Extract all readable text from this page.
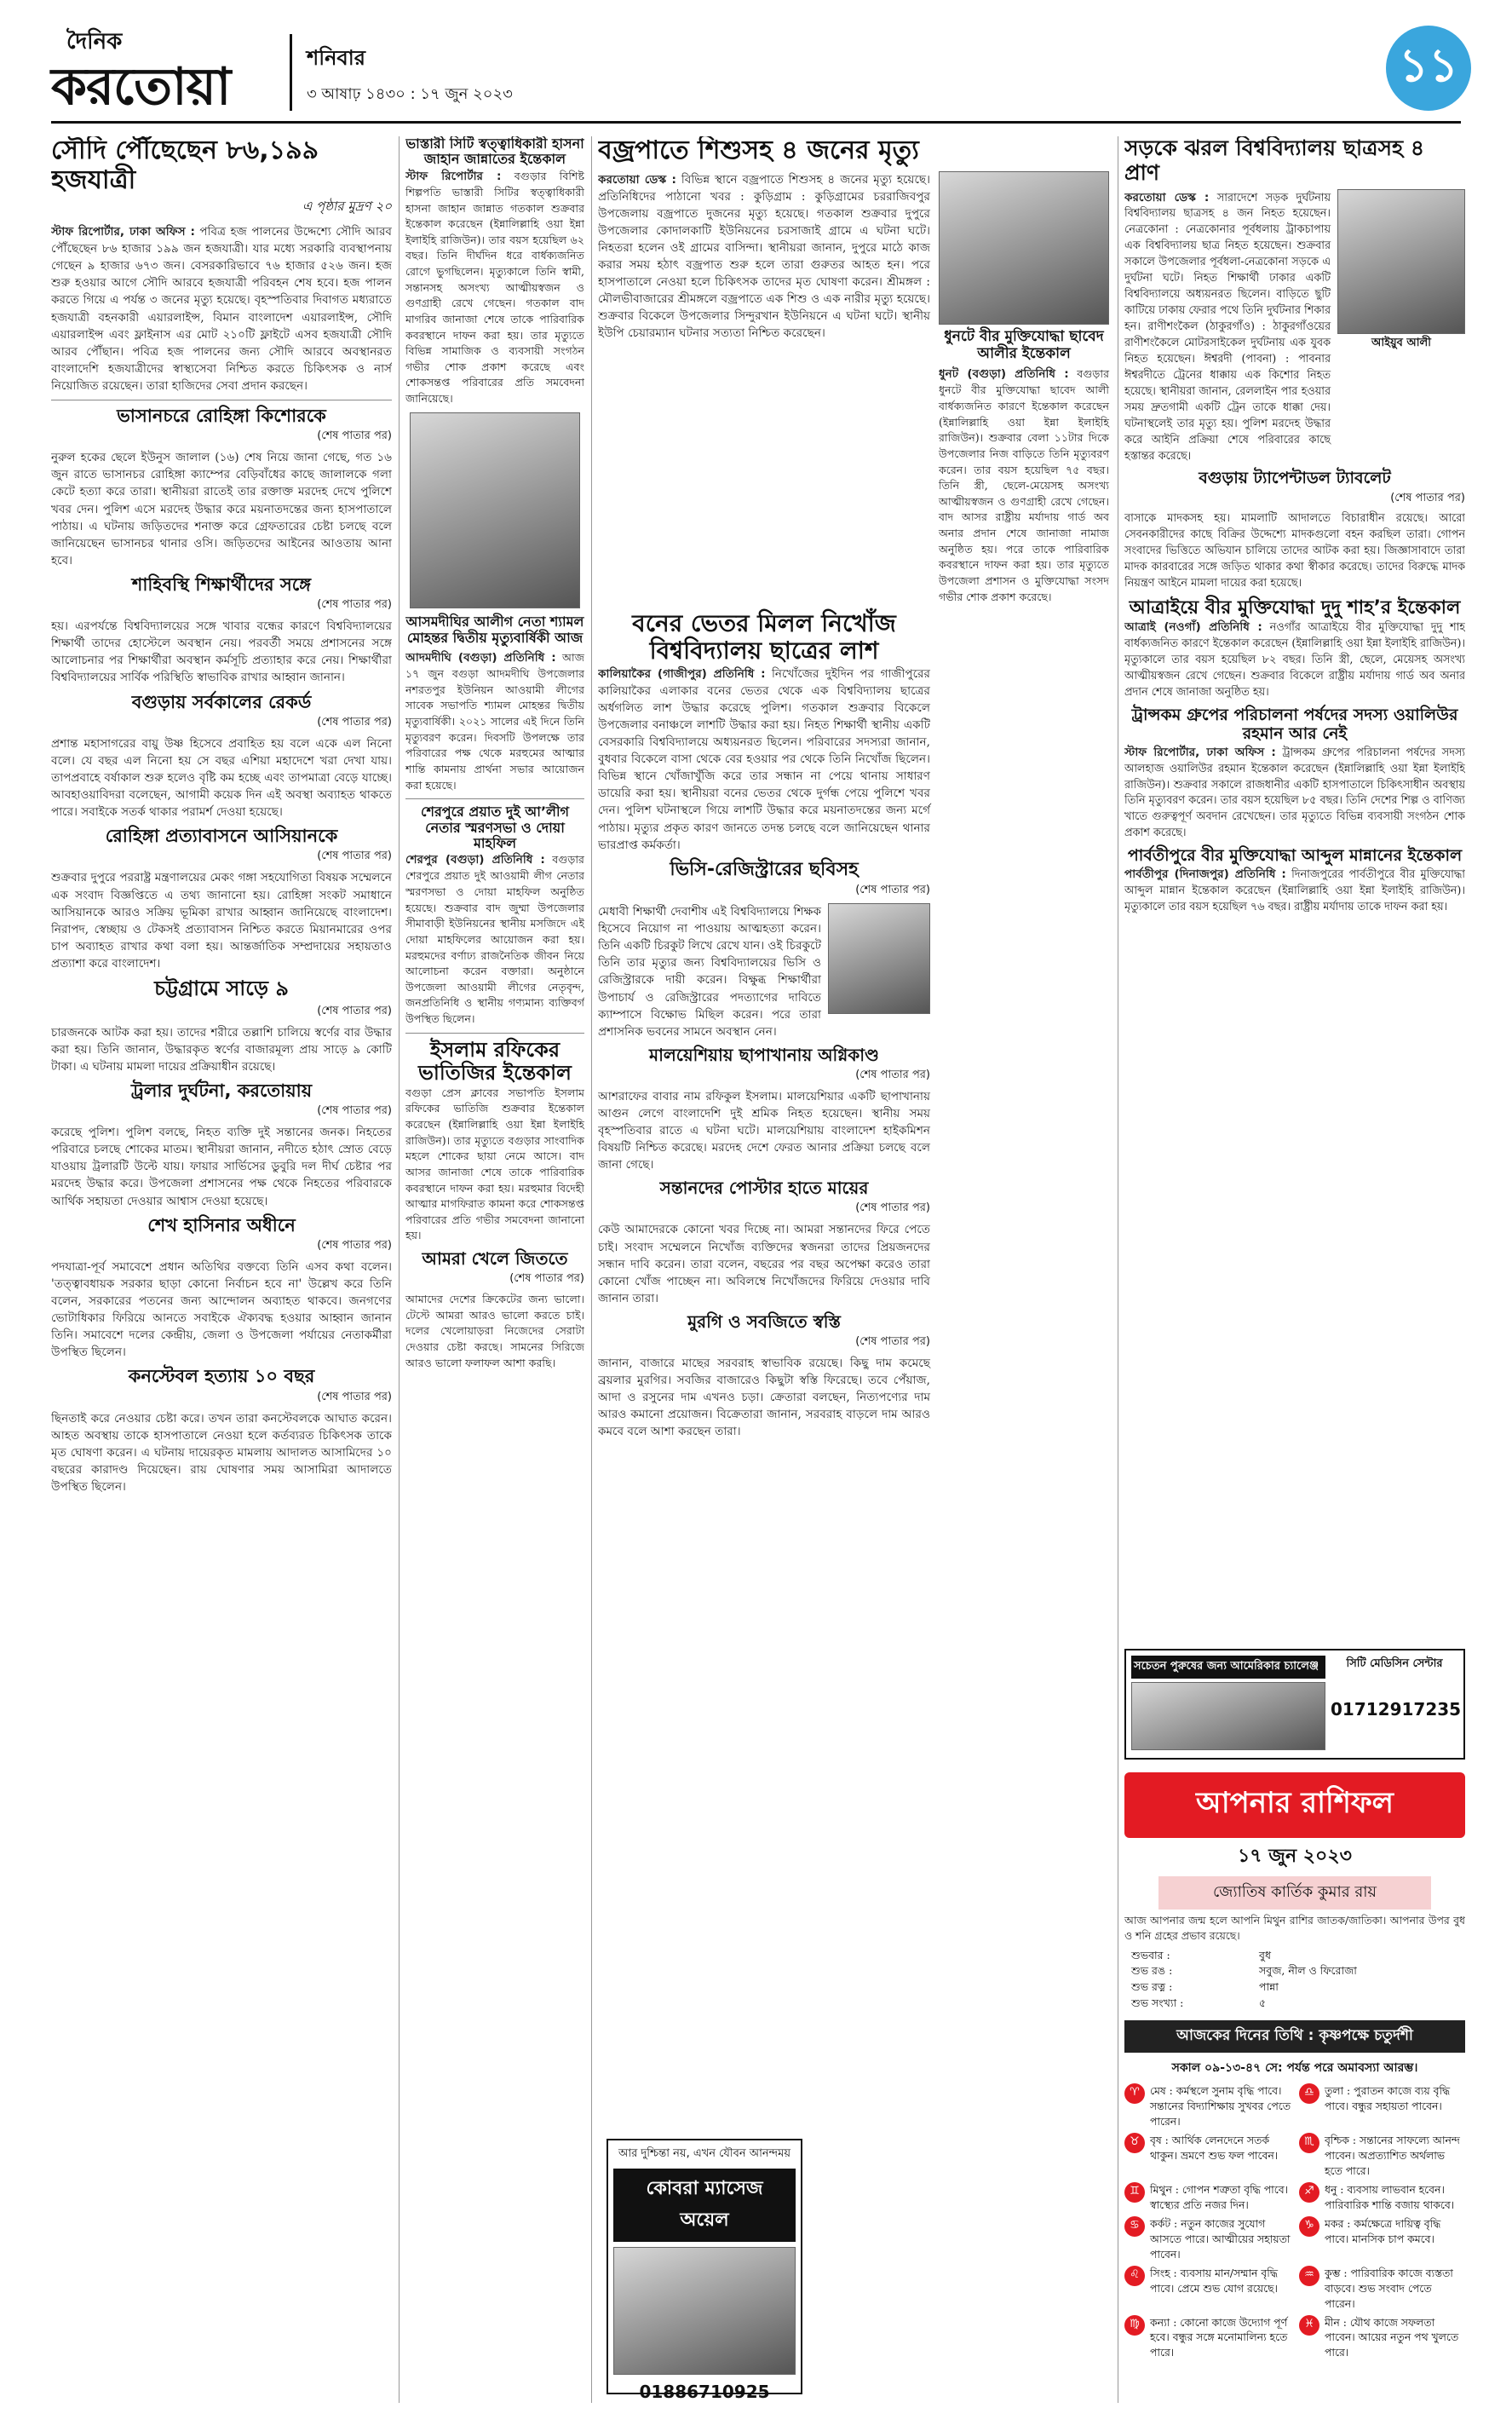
দৈনিক
করতোয়া	শনিবার
৩ আষাঢ় ১৪৩০ : ১৭ জুন ২০২৩
১১
সৌদি পৌঁছেছেন ৮৬,১৯৯ হজযাত্রী
এ পৃষ্ঠার মুদ্রণ ২০
স্টাফ রিপোর্টার, ঢাকা অফিস : পবিত্র হজ পালনের উদ্দেশ্যে সৌদি আরব পৌঁছেছেন ৮৬ হাজার ১৯৯ জন হজযাত্রী। যার মধ্যে সরকারি ব্যবস্থাপনায় গেছেন ৯ হাজার ৬৭৩ জন। বেসরকারিভাবে ৭৬ হাজার ৫২৬ জন। হজ শুরু হওয়ার আগে সৌদি আরবে হজযাত্রী পরিবহন শেষ হবে। হজ পালন করতে গিয়ে এ পর্যন্ত ৩ জনের মৃত্যু হয়েছে। বৃহস্পতিবার দিবাগত মধ্যরাতে হজযাত্রী বহনকারী এয়ারলাইন্স, বিমান বাংলাদেশ এয়ারলাইন্স, সৌদি এয়ারলাইন্স এবং ফ্লাইনাস এর মোট ২১০টি ফ্লাইটে এসব হজযাত্রী সৌদি আরব পৌঁছান। পবিত্র হজ পালনের জন্য সৌদি আরবে অবস্থানরত বাংলাদেশি হজযাত্রীদের স্বাস্থ্যসেবা নিশ্চিত করতে চিকিৎসক ও নার্স নিয়োজিত রয়েছেন। তারা হাজিদের সেবা প্রদান করছেন।
ভাসানচরে রোহিঙ্গা কিশোরকে
(শেষ পাতার পর)
নুরুল হকের ছেলে ইউনুস জালাল (১৬) শেষ নিয়ে জানা গেছে, গত ১৬ জুন রাতে ভাসানচর রোহিঙ্গা ক্যাম্পের বেড়িবাঁধের কাছে জালালকে গলা কেটে হত্যা করে তারা। স্থানীয়রা রাতেই তার রক্তাক্ত মরদেহ দেখে পুলিশে খবর দেন। পুলিশ এসে মরদেহ উদ্ধার করে ময়নাতদন্তের জন্য হাসপাতালে পাঠায়। এ ঘটনায় জড়িতদের শনাক্ত করে গ্রেফতারের চেষ্টা চলছে বলে জানিয়েছেন ভাসানচর থানার ওসি। জড়িতদের আইনের আওতায় আনা হবে।
শাহিবস্থি শিক্ষার্থীদের সঙ্গে
(শেষ পাতার পর)
হয়। এরপর্যন্তে বিশ্ববিদ্যালয়ের সঙ্গে খাবার বন্ধের কারণে বিশ্ববিদ্যালয়ের শিক্ষার্থী তাদের হোস্টেলে অবস্থান নেয়। পরবর্তী সময়ে প্রশাসনের সঙ্গে আলোচনার পর শিক্ষার্থীরা অবস্থান কর্মসূচি প্রত্যাহার করে নেয়। শিক্ষার্থীরা বিশ্ববিদ্যালয়ের সার্বিক পরিস্থিতি স্বাভাবিক রাখার আহ্বান জানান।
বগুড়ায় সর্বকালের রেকর্ড
(শেষ পাতার পর)
প্রশান্ত মহাসাগরের বায়ু উষ্ণ হিসেবে প্রবাহিত হয় বলে একে এল নিনো বলে। যে বছর এল নিনো হয় সে বছর এশিয়া মহাদেশে খরা দেখা যায়। তাপপ্রবাহে বর্ষাকাল শুরু হলেও বৃষ্টি কম হচ্ছে এবং তাপমাত্রা বেড়ে যাচ্ছে। আবহাওয়াবিদরা বলেছেন, আগামী কয়েক দিন এই অবস্থা অব্যাহত থাকতে পারে। সবাইকে সতর্ক থাকার পরামর্শ দেওয়া হয়েছে।
রোহিঙ্গা প্রত্যাবাসনে আসিয়ানকে
(শেষ পাতার পর)
শুক্রবার দুপুরে পররাষ্ট্র মন্ত্রণালয়ের মেকং গঙ্গা সহযোগিতা বিষয়ক সম্মেলনে এক সংবাদ বিজ্ঞপ্তিতে এ তথ্য জানানো হয়। রোহিঙ্গা সংকট সমাধানে আসিয়ানকে আরও সক্রিয় ভূমিকা রাখার আহ্বান জানিয়েছে বাংলাদেশ। নিরাপদ, স্বেচ্ছায় ও টেকসই প্রত্যাবাসন নিশ্চিত করতে মিয়ানমারের ওপর চাপ অব্যাহত রাখার কথা বলা হয়। আন্তর্জাতিক সম্প্রদায়ের সহায়তাও প্রত্যাশা করে বাংলাদেশ।
চট্টগ্রামে সাড়ে ৯
(শেষ পাতার পর)
চারজনকে আটক করা হয়। তাদের শরীরে তল্লাশি চালিয়ে স্বর্ণের বার উদ্ধার করা হয়। তিনি জানান, উদ্ধারকৃত স্বর্ণের বাজারমূল্য প্রায় সাড়ে ৯ কোটি টাকা। এ ঘটনায় মামলা দায়ের প্রক্রিয়াধীন রয়েছে।
ট্রলার দুর্ঘটনা, করতোয়ায়
(শেষ পাতার পর)
করেছে পুলিশ। পুলিশ বলছে, নিহত ব্যক্তি দুই সন্তানের জনক। নিহতের পরিবারে চলছে শোকের মাতম। স্থানীয়রা জানান, নদীতে হঠাৎ স্রোত বেড়ে যাওয়ায় ট্রলারটি উল্টে যায়। ফায়ার সার্ভিসের ডুবুরি দল দীর্ঘ চেষ্টার পর মরদেহ উদ্ধার করে। উপজেলা প্রশাসনের পক্ষ থেকে নিহতের পরিবারকে আর্থিক সহায়তা দেওয়ার আশ্বাস দেওয়া হয়েছে।
শেখ হাসিনার অধীনে
(শেষ পাতার পর)
পদযাত্রা-পূর্ব সমাবেশে প্রধান অতিথির বক্তব্যে তিনি এসব কথা বলেন। 'তত্ত্বাবধায়ক সরকার ছাড়া কোনো নির্বাচন হবে না' উল্লেখ করে তিনি বলেন, সরকারের পতনের জন্য আন্দোলন অব্যাহত থাকবে। জনগণের ভোটাধিকার ফিরিয়ে আনতে সবাইকে ঐক্যবদ্ধ হওয়ার আহ্বান জানান তিনি। সমাবেশে দলের কেন্দ্রীয়, জেলা ও উপজেলা পর্যায়ের নেতাকর্মীরা উপস্থিত ছিলেন।
কনস্টেবল হত্যায় ১০ বছর
(শেষ পাতার পর)
ছিনতাই করে নেওয়ার চেষ্টা করে। তখন তারা কনস্টেবলকে আঘাত করেন। আহত অবস্থায় তাকে হাসপাতালে নেওয়া হলে কর্তব্যরত চিকিৎসক তাকে মৃত ঘোষণা করেন। এ ঘটনায় দায়েরকৃত মামলায় আদালত আসামিদের ১০ বছরের কারাদণ্ড দিয়েছেন। রায় ঘোষণার সময় আসামিরা আদালতে উপস্থিত ছিলেন।
ভাস্তারী সিটি স্বত্ত্বাধিকারী হাসনা জাহান জান্নাতের ইন্তেকাল
স্টাফ রিপোর্টার : বগুড়ার বিশিষ্ট শিল্পপতি ভাস্তারী সিটির স্বত্ত্বাধিকারী হাসনা জাহান জান্নাত গতকাল শুক্রবার ইন্তেকাল করেছেন (ইন্নালিল্লাহি ওয়া ইন্না ইলাইহি রাজিউন)। তার বয়স হয়েছিল ৬২ বছর। তিনি দীর্ঘদিন ধরে বার্ধক্যজনিত রোগে ভুগছিলেন। মৃত্যুকালে তিনি স্বামী, সন্তানসহ অসংখ্য আত্মীয়স্বজন ও গুণগ্রাহী রেখে গেছেন। গতকাল বাদ মাগরিব জানাজা শেষে তাকে পারিবারিক কবরস্থানে দাফন করা হয়। তার মৃত্যুতে বিভিন্ন সামাজিক ও ব্যবসায়ী সংগঠন গভীর শোক প্রকাশ করেছে এবং শোকসন্তপ্ত পরিবারের প্রতি সমবেদনা জানিয়েছে।
আসমদীঘির আলীগ নেতা শ্যামল মোহন্তর দ্বিতীয় মৃত্যুবার্ষিকী আজ
আদমদীঘি (বগুড়া) প্রতিনিধি : আজ ১৭ জুন বগুড়া আদমদীঘি উপজেলার নশরতপুর ইউনিয়ন আওয়ামী লীগের সাবেক সভাপতি শ্যামল মোহন্তর দ্বিতীয় মৃত্যুবার্ষিকী। ২০২১ সালের এই দিনে তিনি মৃত্যুবরণ করেন। দিবসটি উপলক্ষে তার পরিবারের পক্ষ থেকে মরহুমের আত্মার শান্তি কামনায় প্রার্থনা সভার আয়োজন করা হয়েছে।
শেরপুরে প্রয়াত দুই আ’লীগ নেতার স্মরণসভা ও দোয়া মাহফিল
শেরপুর (বগুড়া) প্রতিনিধি : বগুড়ার শেরপুরে প্রয়াত দুই আওয়ামী লীগ নেতার স্মরণসভা ও দোয়া মাহফিল অনুষ্ঠিত হয়েছে। শুক্রবার বাদ জুম্মা উপজেলার সীমাবাড়ী ইউনিয়নের স্থানীয় মসজিদে এই দোয়া মাহফিলের আয়োজন করা হয়। মরহুমদের বর্ণাঢ্য রাজনৈতিক জীবন নিয়ে আলোচনা করেন বক্তারা। অনুষ্ঠানে উপজেলা আওয়ামী লীগের নেতৃবৃন্দ, জনপ্রতিনিধি ও স্থানীয় গণ্যমান্য ব্যক্তিবর্গ উপস্থিত ছিলেন।
ইসলাম রফিকের ভাতিজির ইন্তেকাল
বগুড়া প্রেস ক্লাবের সভাপতি ইসলাম রফিকের ভাতিজি শুক্রবার ইন্তেকাল করেছেন (ইন্নালিল্লাহি ওয়া ইন্না ইলাইহি রাজিউন)। তার মৃত্যুতে বগুড়ার সাংবাদিক মহলে শোকের ছায়া নেমে আসে। বাদ আসর জানাজা শেষে তাকে পারিবারিক কবরস্থানে দাফন করা হয়। মরহুমার বিদেহী আত্মার মাগফিরাত কামনা করে শোকসন্তপ্ত পরিবারের প্রতি গভীর সমবেদনা জানানো হয়।
আমরা খেলে জিততে
(শেষ পাতার পর)
আমাদের দেশের ক্রিকেটের জন্য ভালো। টেস্টে আমরা আরও ভালো করতে চাই। দলের খেলোয়াড়রা নিজেদের সেরাটা দেওয়ার চেষ্টা করছে। সামনের সিরিজে আরও ভালো ফলাফল আশা করছি।
বজ্রপাতে শিশুসহ ৪ জনের মৃত্যু
করতোয়া ডেস্ক : বিভিন্ন স্থানে বজ্রপাতে শিশুসহ ৪ জনের মৃত্যু হয়েছে। প্রতিনিধিদের পাঠানো খবর : কুড়িগ্রাম : কুড়িগ্রামের চররাজিবপুর উপজেলায় বজ্রপাতে দুজনের মৃত্যু হয়েছে। গতকাল শুক্রবার দুপুরে উপজেলার কোদালকাটি ইউনিয়নের চরসাজাই গ্রামে এ ঘটনা ঘটে। নিহতরা হলেন ওই গ্রামের বাসিন্দা। স্থানীয়রা জানান, দুপুরে মাঠে কাজ করার সময় হঠাৎ বজ্রপাত শুরু হলে তারা গুরুতর আহত হন। পরে হাসপাতালে নেওয়া হলে চিকিৎসক তাদের মৃত ঘোষণা করেন। শ্রীমঙ্গল : মৌলভীবাজারের শ্রীমঙ্গলে বজ্রপাতে এক শিশু ও এক নারীর মৃত্যু হয়েছে। শুক্রবার বিকেলে উপজেলার সিন্দুরখান ইউনিয়নে এ ঘটনা ঘটে। স্থানীয় ইউপি চেয়ারম্যান ঘটনার সত্যতা নিশ্চিত করেছেন।	ধুনটে বীর মুক্তিযোদ্ধা ছাবেদ আলীর ইন্তেকাল
ধুনট (বগুড়া) প্রতিনিধি : বগুড়ার ধুনটে বীর মুক্তিযোদ্ধা ছাবেদ আলী বার্ধক্যজনিত কারণে ইন্তেকাল করেছেন (ইন্নালিল্লাহি ওয়া ইন্না ইলাইহি রাজিউন)। শুক্রবার বেলা ১১টার দিকে উপজেলার নিজ বাড়িতে তিনি মৃত্যুবরণ করেন। তার বয়স হয়েছিল ৭৫ বছর। তিনি স্ত্রী, ছেলে-মেয়েসহ অসংখ্য আত্মীয়স্বজন ও গুণগ্রাহী রেখে গেছেন। বাদ আসর রাষ্ট্রীয় মর্যাদায় গার্ড অব অনার প্রদান শেষে জানাজা নামাজ অনুষ্ঠিত হয়। পরে তাকে পারিবারিক কবরস্থানে দাফন করা হয়। তার মৃত্যুতে উপজেলা প্রশাসন ও মুক্তিযোদ্ধা সংসদ গভীর শোক প্রকাশ করেছে।
বনের ভেতর মিলল নিখোঁজ বিশ্ববিদ্যালয় ছাত্রের লাশ
কালিয়াকৈর (গাজীপুর) প্রতিনিধি : নিখোঁজের দুইদিন পর গাজীপুরের কালিয়াকৈর এলাকার বনের ভেতর থেকে এক বিশ্ববিদ্যালয় ছাত্রের অর্ধগলিত লাশ উদ্ধার করেছে পুলিশ। গতকাল শুক্রবার বিকেলে উপজেলার বনাঞ্চলে লাশটি উদ্ধার করা হয়। নিহত শিক্ষার্থী স্থানীয় একটি বেসরকারি বিশ্ববিদ্যালয়ে অধ্যয়নরত ছিলেন। পরিবারের সদস্যরা জানান, বুধবার বিকেলে বাসা থেকে বের হওয়ার পর থেকে তিনি নিখোঁজ ছিলেন। বিভিন্ন স্থানে খোঁজাখুঁজি করে তার সন্ধান না পেয়ে থানায় সাধারণ ডায়েরি করা হয়। স্থানীয়রা বনের ভেতর থেকে দুর্গন্ধ পেয়ে পুলিশে খবর দেন। পুলিশ ঘটনাস্থলে গিয়ে লাশটি উদ্ধার করে ময়নাতদন্তের জন্য মর্গে পাঠায়। মৃত্যুর প্রকৃত কারণ জানতে তদন্ত চলছে বলে জানিয়েছেন থানার ভারপ্রাপ্ত কর্মকর্তা।
ভিসি-রেজিস্ট্রারের ছবিসহ
(শেষ পাতার পর)
মেধাবী শিক্ষার্থী দেবাশীষ এই বিশ্ববিদ্যালয়ে শিক্ষক হিসেবে নিয়োগ না পাওয়ায় আত্মহত্যা করেন। তিনি একটি চিরকুট লিখে রেখে যান। ওই চিরকুটে তিনি তার মৃত্যুর জন্য বিশ্ববিদ্যালয়ের ভিসি ও রেজিস্ট্রারকে দায়ী করেন। বিক্ষুব্ধ শিক্ষার্থীরা উপাচার্য ও রেজিস্ট্রারের পদত্যাগের দাবিতে ক্যাম্পাসে বিক্ষোভ মিছিল করেন। পরে তারা প্রশাসনিক ভবনের সামনে অবস্থান নেন।
মালয়েশিয়ায় ছাপাখানায় অগ্নিকাণ্ড
(শেষ পাতার পর)
আশরাফের বাবার নাম রফিকুল ইসলাম। মালয়েশিয়ার একটি ছাপাখানায় আগুন লেগে বাংলাদেশি দুই শ্রমিক নিহত হয়েছেন। স্থানীয় সময় বৃহস্পতিবার রাতে এ ঘটনা ঘটে। মালয়েশিয়ায় বাংলাদেশ হাইকমিশন বিষয়টি নিশ্চিত করেছে। মরদেহ দেশে ফেরত আনার প্রক্রিয়া চলছে বলে জানা গেছে।
সন্তানদের পোস্টার হাতে মায়ের
(শেষ পাতার পর)
কেউ আমাদেরকে কোনো খবর দিচ্ছে না। আমরা সন্তানদের ফিরে পেতে চাই। সংবাদ সম্মেলনে নিখোঁজ ব্যক্তিদের স্বজনরা তাদের প্রিয়জনদের সন্ধান দাবি করেন। তারা বলেন, বছরের পর বছর অপেক্ষা করেও তারা কোনো খোঁজ পাচ্ছেন না। অবিলম্বে নিখোঁজদের ফিরিয়ে দেওয়ার দাবি জানান তারা।
মুরগি ও সবজিতে স্বস্তি
(শেষ পাতার পর)
জানান, বাজারে মাছের সরবরাহ স্বাভাবিক রয়েছে। কিছু দাম কমেছে ব্রয়লার মুরগির। সবজির বাজারেও কিছুটা স্বস্তি ফিরেছে। তবে পেঁয়াজ, আদা ও রসুনের দাম এখনও চড়া। ক্রেতারা বলছেন, নিত্যপণ্যের দাম আরও কমানো প্রয়োজন। বিক্রেতারা জানান, সরবরাহ বাড়লে দাম আরও কমবে বলে আশা করছেন তারা।
আর দুশ্চিন্তা নয়, এখন যৌবন আনন্দময়
কোবরা ম্যাসেজ অয়েল
01886710925
সড়কে ঝরল বিশ্ববিদ্যালয় ছাত্রসহ ৪ প্রাণ
করতোয়া ডেস্ক : সারাদেশে সড়ক দুর্ঘটনায় বিশ্ববিদ্যালয় ছাত্রসহ ৪ জন নিহত হয়েছেন। নেত্রকোনা : নেত্রকোনার পূর্বধলায় ট্রাকচাপায় এক বিশ্ববিদ্যালয় ছাত্র নিহত হয়েছেন। শুক্রবার সকালে উপজেলার পূর্বধলা-নেত্রকোনা সড়কে এ দুর্ঘটনা ঘটে। নিহত শিক্ষার্থী ঢাকার একটি বিশ্ববিদ্যালয়ে অধ্যয়নরত ছিলেন। বাড়িতে ছুটি কাটিয়ে ঢাকায় ফেরার পথে তিনি দুর্ঘটনার শিকার হন। রাণীশংকৈল (ঠাকুরগাঁও) : ঠাকুরগাঁওয়ের রাণীশংকৈলে মোটরসাইকেল দুর্ঘটনায় এক যুবক নিহত হয়েছেন। ঈশ্বরদী (পাবনা) : পাবনার ঈশ্বরদীতে ট্রেনের ধাক্কায় এক কিশোর নিহত হয়েছে। স্থানীয়রা জানান, রেললাইন পার হওয়ার সময় দ্রুতগামী একটি ট্রেন তাকে ধাক্কা দেয়। ঘটনাস্থলেই তার মৃত্যু হয়। পুলিশ মরদেহ উদ্ধার করে আইনি প্রক্রিয়া শেষে পরিবারের কাছে হস্তান্তর করেছে।
আইয়ুব আলী
বগুড়ায় ট্যাপেন্টাডল ট্যাবলেট
(শেষ পাতার পর)
বাসাকে মাদকসহ হয়। মামলাটি আদালতে বিচারাধীন রয়েছে। আরো সেবনকারীদের কাছে বিক্রির উদ্দেশ্যে মাদকগুলো বহন করছিল তারা। গোপন সংবাদের ভিত্তিতে অভিযান চালিয়ে তাদের আটক করা হয়। জিজ্ঞাসাবাদে তারা মাদক কারবারের সঙ্গে জড়িত থাকার কথা স্বীকার করেছে। তাদের বিরুদ্ধে মাদক নিয়ন্ত্রণ আইনে মামলা দায়ের করা হয়েছে।
আত্রাইয়ে বীর মুক্তিযোদ্ধা দুদু শাহ’র ইন্তেকাল
আত্রাই (নওগাঁ) প্রতিনিধি : নওগাঁর আত্রাইয়ে বীর মুক্তিযোদ্ধা দুদু শাহ বার্ধক্যজনিত কারণে ইন্তেকাল করেছেন (ইন্নালিল্লাহি ওয়া ইন্না ইলাইহি রাজিউন)। মৃত্যুকালে তার বয়স হয়েছিল ৮২ বছর। তিনি স্ত্রী, ছেলে, মেয়েসহ অসংখ্য আত্মীয়স্বজন রেখে গেছেন। শুক্রবার বিকেলে রাষ্ট্রীয় মর্যাদায় গার্ড অব অনার প্রদান শেষে জানাজা অনুষ্ঠিত হয়।
ট্রান্সকম গ্রুপের পরিচালনা পর্ষদের সদস্য ওয়ালিউর রহমান আর নেই
স্টাফ রিপোর্টার, ঢাকা অফিস : ট্রান্সকম গ্রুপের পরিচালনা পর্ষদের সদস্য আলহাজ ওয়ালিউর রহমান ইন্তেকাল করেছেন (ইন্নালিল্লাহি ওয়া ইন্না ইলাইহি রাজিউন)। শুক্রবার সকালে রাজধানীর একটি হাসপাতালে চিকিৎসাধীন অবস্থায় তিনি মৃত্যুবরণ করেন। তার বয়স হয়েছিল ৮৫ বছর। তিনি দেশের শিল্প ও বাণিজ্য খাতে গুরুত্বপূর্ণ অবদান রেখেছেন। তার মৃত্যুতে বিভিন্ন ব্যবসায়ী সংগঠন শোক প্রকাশ করেছে।
পার্বতীপুরে বীর মুক্তিযোদ্ধা আব্দুল মান্নানের ইন্তেকাল
পার্বতীপুর (দিনাজপুর) প্রতিনিধি : দিনাজপুরের পার্বতীপুরে বীর মুক্তিযোদ্ধা আব্দুল মান্নান ইন্তেকাল করেছেন (ইন্নালিল্লাহি ওয়া ইন্না ইলাইহি রাজিউন)। মৃত্যুকালে তার বয়স হয়েছিল ৭৬ বছর। রাষ্ট্রীয় মর্যাদায় তাকে দাফন করা হয়।
সচেতন পুরুষের জন্য আমেরিকার চ্যালেঞ্জ	সিটি মেডিসিন সেন্টার
01712917235
আপনার রাশিফল
১৭ জুন ২০২৩
জ্যোতিষ কার্তিক কুমার রায়
আজ আপনার জন্ম হলে আপনি মিথুন রাশির জাতক/জাতিকা। আপনার উপর বুধ ও শনি গ্রহের প্রভাব রয়েছে।
শুভবার :	বুধ
শুভ রঙ :	সবুজ, নীল ও ফিরোজা
শুভ রত্ন :	পান্না
শুভ সংখ্যা :	৫
আজকের দিনের তিথি : কৃষ্ণপক্ষে চতুর্দশী
সকাল ০৯-১৩-৪৭ সে: পর্যন্ত পরে অমাবস্যা আরম্ভ।
♈ মেষ : কর্মস্থলে সুনাম বৃদ্ধি পাবে। সন্তানের বিদ্যাশিক্ষায় সুখবর পেতে পারেন।
♎ তুলা : পুরাতন কাজে ব্যয় বৃদ্ধি পাবে। বন্ধুর সহায়তা পাবেন।
♉ বৃষ : আর্থিক লেনদেনে সতর্ক থাকুন। ভ্রমণে শুভ ফল পাবেন।
♏ বৃশ্চিক : সন্তানের সাফল্যে আনন্দ পাবেন। অপ্রত্যাশিত অর্থলাভ হতে পারে।
♊ মিথুন : গোপন শত্রুতা বৃদ্ধি পাবে। স্বাস্থ্যের প্রতি নজর দিন।
♐ ধনু : ব্যবসায় লাভবান হবেন। পারিবারিক শান্তি বজায় থাকবে।
♋ কর্কট : নতুন কাজের সুযোগ আসতে পারে। আত্মীয়ের সহায়তা পাবেন।
♑ মকর : কর্মক্ষেত্রে দায়িত্ব বৃদ্ধি পাবে। মানসিক চাপ কমবে।
♌ সিংহ : ব্যবসায় মান/সম্মান বৃদ্ধি পাবে। প্রেমে শুভ যোগ রয়েছে।
♒ কুম্ভ : পারিবারিক কাজে ব্যস্ততা বাড়বে। শুভ সংবাদ পেতে পারেন।
♍ কন্যা : কোনো কাজে উদ্যোগ পূর্ণ হবে। বন্ধুর সঙ্গে মনোমালিন্য হতে পারে।
♓ মীন : যৌথ কাজে সফলতা পাবেন। আয়ের নতুন পথ খুলতে পারে।
